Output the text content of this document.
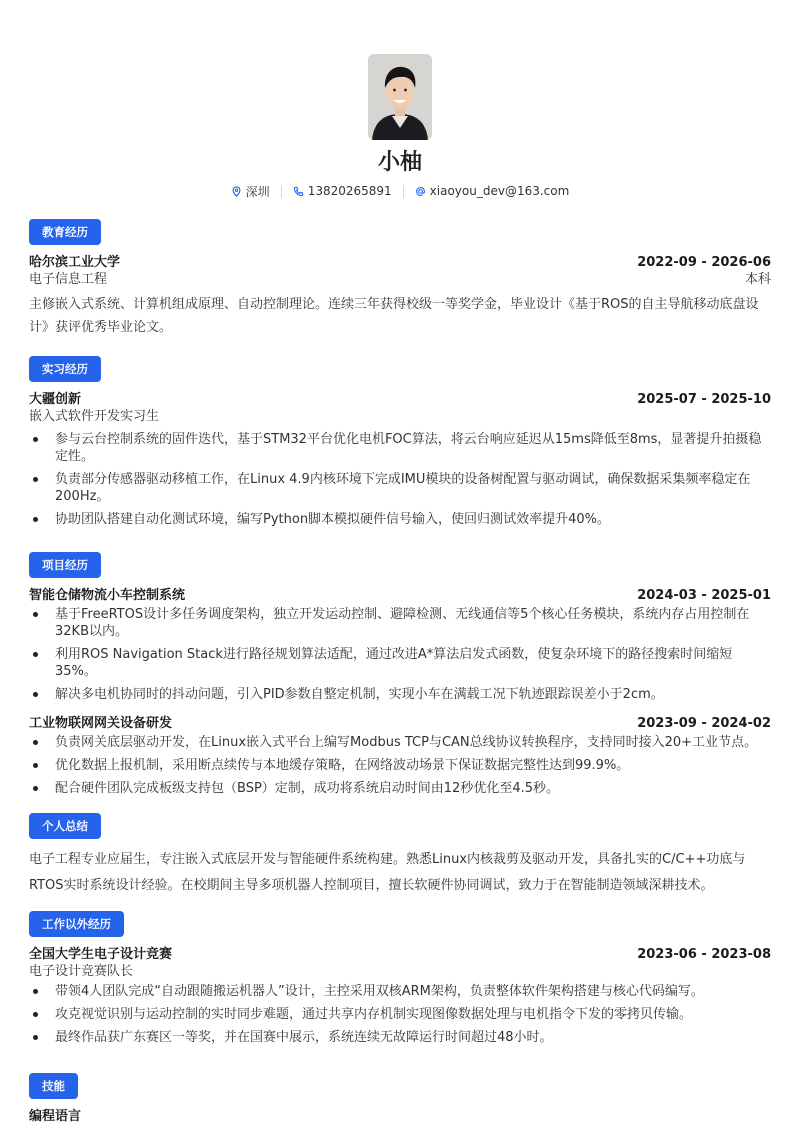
小柚
深圳	13820265891	xiaoyou_dev@163.com
教育经历
哈尔滨工业大学	2022-09 - 2026-06
电子信息工程	本科
主修嵌入式系统、计算机组成原理、自动控制理论。连续三年获得校级一等奖学金，毕业设计《基于ROS的自主导航移动底盘设计》获评优秀毕业论文。
实习经历
大疆创新	2025-07 - 2025-10
嵌入式软件开发实习生
参与云台控制系统的固件迭代，基于STM32平台优化电机FOC算法，将云台响应延迟从15ms降低至8ms，显著提升拍摄稳定性。
负责部分传感器驱动移植工作，在Linux 4.9内核环境下完成IMU模块的设备树配置与驱动调试，确保数据采集频率稳定在200Hz。
协助团队搭建自动化测试环境，编写Python脚本模拟硬件信号输入，使回归测试效率提升40%。
项目经历
智能仓储物流小车控制系统	2024-03 - 2025-01
基于FreeRTOS设计多任务调度架构，独立开发运动控制、避障检测、无线通信等5个核心任务模块，系统内存占用控制在32KB以内。
利用ROS Navigation Stack进行路径规划算法适配，通过改进A*算法启发式函数，使复杂环境下的路径搜索时间缩短35%。
解决多电机协同时的抖动问题，引入PID参数自整定机制，实现小车在满载工况下轨迹跟踪误差小于2cm。
工业物联网网关设备研发	2023-09 - 2024-02
负责网关底层驱动开发，在Linux嵌入式平台上编写Modbus TCP与CAN总线协议转换程序，支持同时接入20+工业节点。
优化数据上报机制，采用断点续传与本地缓存策略，在网络波动场景下保证数据完整性达到99.9%。
配合硬件团队完成板级支持包（BSP）定制，成功将系统启动时间由12秒优化至4.5秒。
个人总结
电子工程专业应届生，专注嵌入式底层开发与智能硬件系统构建。熟悉Linux内核裁剪及驱动开发，具备扎实的C/C++功底与RTOS实时系统设计经验。在校期间主导多项机器人控制项目，擅长软硬件协同调试，致力于在智能制造领域深耕技术。
工作以外经历
全国大学生电子设计竞赛	2023-06 - 2023-08
电子设计竞赛队长
带领4人团队完成“自动跟随搬运机器人”设计，主控采用双核ARM架构，负责整体软件架构搭建与核心代码编写。
攻克视觉识别与运动控制的实时同步难题，通过共享内存机制实现图像数据处理与电机指令下发的零拷贝传输。
最终作品获广东赛区一等奖，并在国赛中展示，系统连续无故障运行时间超过48小时。
技能
编程语言
